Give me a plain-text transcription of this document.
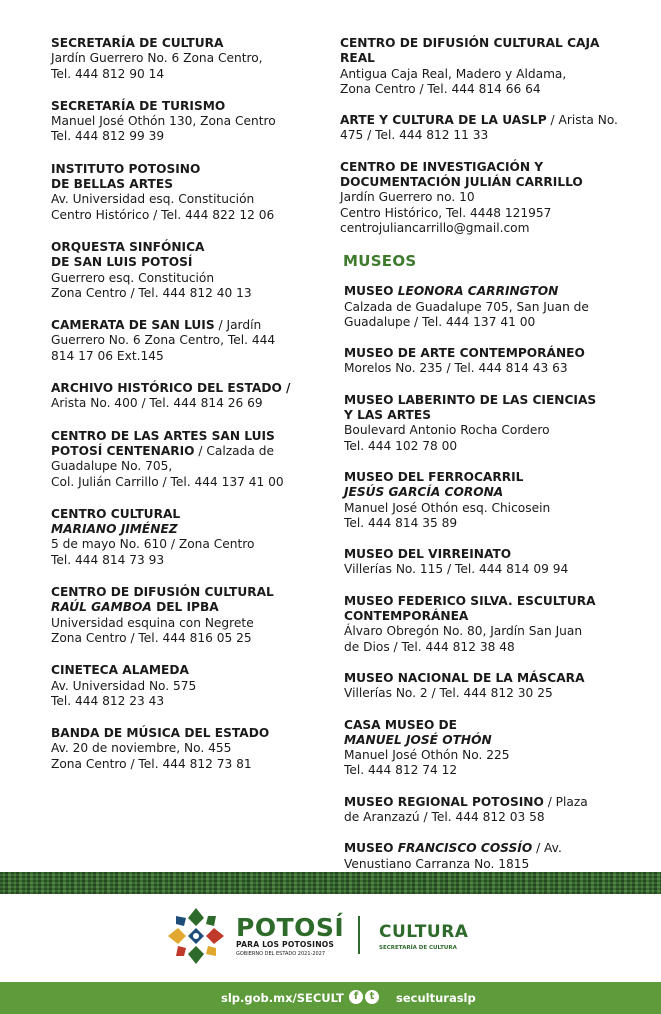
SECRETARÍA DE CULTURA
Jardín Guerrero No. 6 Zona Centro,
Tel. 444 812 90 14
SECRETARÍA DE TURISMO
Manuel José Othón 130, Zona Centro
Tel. 444 812 99 39
INSTITUTO POTOSINO
DE BELLAS ARTES
Av. Universidad esq. Constitución
Centro Histórico / Tel. 444 822 12 06
ORQUESTA SINFÓNICA
DE SAN LUIS POTOSÍ
Guerrero esq. Constitución
Zona Centro / Tel. 444 812 40 13
CAMERATA DE SAN LUIS / Jardín
Guerrero No. 6 Zona Centro, Tel. 444
814 17 06 Ext.145
ARCHIVO HISTÓRICO DEL ESTADO /
Arista No. 400 / Tel. 444 814 26 69
CENTRO DE LAS ARTES SAN LUIS
POTOSÍ CENTENARIO / Calzada de
Guadalupe No. 705,
Col. Julián Carrillo / Tel. 444 137 41 00
CENTRO CULTURAL
MARIANO JIMÉNEZ
5 de mayo No. 610 / Zona Centro
Tel. 444 814 73 93
CENTRO DE DIFUSIÓN CULTURAL
RAÚL GAMBOA DEL IPBA
Universidad esquina con Negrete
Zona Centro / Tel. 444 816 05 25
CINETECA ALAMEDA
Av. Universidad No. 575
Tel. 444 812 23 43
BANDA DE MÚSICA DEL ESTADO
Av. 20 de noviembre, No. 455
Zona Centro / Tel. 444 812 73 81
CENTRO DE DIFUSIÓN CULTURAL CAJA
REAL
Antigua Caja Real, Madero y Aldama,
Zona Centro / Tel. 444 814 66 64
ARTE Y CULTURA DE LA UASLP / Arista No.
475 / Tel. 444 812 11 33
CENTRO DE INVESTIGACIÓN Y
DOCUMENTACIÓN JULIÁN CARRILLO
Jardín Guerrero no. 10
Centro Histórico, Tel. 4448 121957
centrojuliancarrillo@gmail.com
MUSEOS
MUSEO LEONORA CARRINGTON
Calzada de Guadalupe 705, San Juan de
Guadalupe / Tel. 444 137 41 00
MUSEO DE ARTE CONTEMPORÁNEO
Morelos No. 235 / Tel. 444 814 43 63
MUSEO LABERINTO DE LAS CIENCIAS
Y LAS ARTES
Boulevard Antonio Rocha Cordero
Tel. 444 102 78 00
MUSEO DEL FERROCARRIL
JESÚS GARCÍA CORONA
Manuel José Othón esq. Chicosein
Tel. 444 814 35 89
MUSEO DEL VIRREINATO
Villerías No. 115 / Tel. 444 814 09 94
MUSEO FEDERICO SILVA. ESCULTURA
CONTEMPORÁNEA
Álvaro Obregón No. 80, Jardín San Juan
de Dios / Tel. 444 812 38 48
MUSEO NACIONAL DE LA MÁSCARA
Villerías No. 2 / Tel. 444 812 30 25
CASA MUSEO DE
MANUEL JOSÉ OTHÓN
Manuel José Othón No. 225
Tel. 444 812 74 12
MUSEO REGIONAL POTOSINO / Plaza
de Aranzazú / Tel. 444 812 03 58
MUSEO FRANCISCO COSSÍO / Av.
Venustiano Carranza No. 1815
POTOSÍ
PARA LOS POTOSINOS
GOBIERNO DEL ESTADO 2021-2027
CULTURA
SECRETARÍA DE CULTURA
slp.gob.mx/SECULT f	t	seculturaslp
